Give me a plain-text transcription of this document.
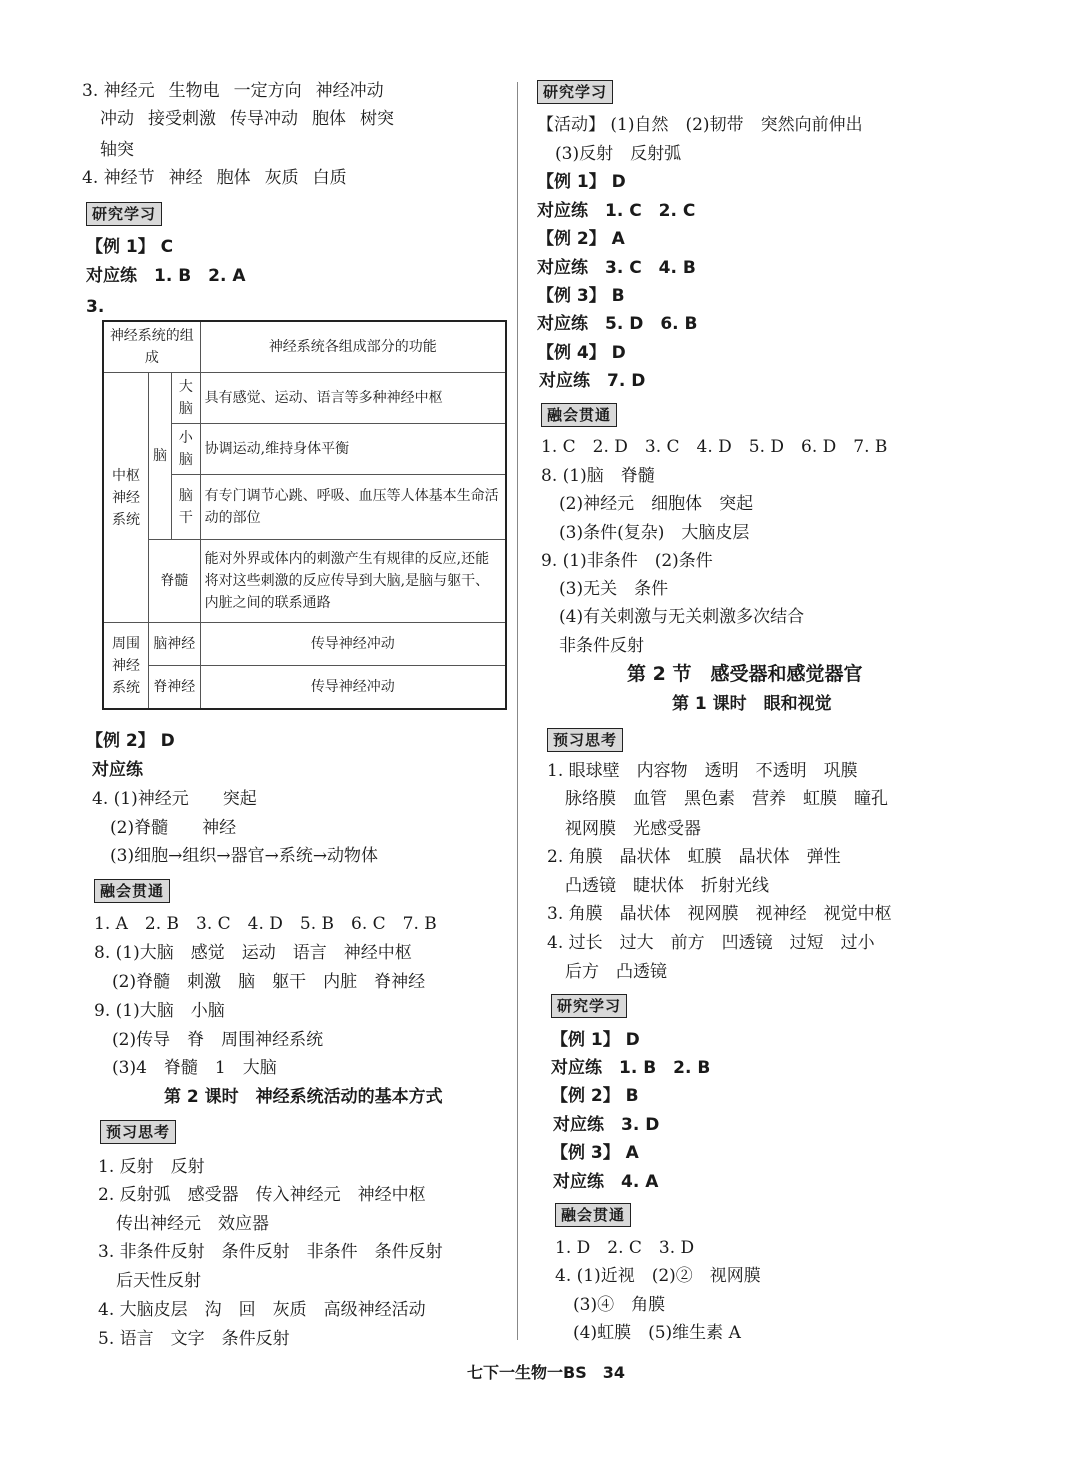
3. 神经元 生物电 一定方向 神经冲动
冲动 接受刺激 传导冲动 胞体 树突
轴突
4. 神经节 神经 胞体 灰质 白质
研究学习
【例 1】 C
对应练　1. B　2. A
3.
神经系统的组成			神经系统各组成部分的功能
中枢神经系统	脑	大脑	具有感觉、运动、语言等多种神经中枢
		小脑	协调运动,维持身体平衡
		脑干	有专门调节心跳、呼吸、血压等人体基本生命活动的部位
	脊髓		能对外界或体内的刺激产生有规律的反应,还能将对这些刺激的反应传导到大脑,是脑与躯干、内脏之间的联系通路
周围神经系统	脑神经		传导神经冲动
	脊神经		传导神经冲动
【例 2】 D
对应练
4. (1)神经元　　突起
(2)脊髓　　神经
(3)细胞→组织→器官→系统→动物体
融会贯通
1. A　2. B　3. C　4. D　5. B　6. C　7. B
8. (1)大脑　感觉　运动　语言　神经中枢
(2)脊髓　刺激　脑　躯干　内脏　脊神经
9. (1)大脑　小脑
(2)传导　脊　周围神经系统
(3)4　脊髓　1　大脑
第 2 课时　神经系统活动的基本方式
预习思考
1. 反射　反射
2. 反射弧　感受器　传入神经元　神经中枢
传出神经元　效应器
3. 非条件反射　条件反射　非条件　条件反射
后天性反射
4. 大脑皮层　沟　回　灰质　高级神经活动
5. 语言　文字　条件反射
研究学习
【活动】 (1)自然　(2)韧带　突然向前伸出
(3)反射　反射弧
【例 1】 D
对应练　1. C　2. C
【例 2】 A
对应练　3. C　4. B
【例 3】 B
对应练　5. D　6. B
【例 4】 D
对应练　7. D
融会贯通
1. C　2. D　3. C　4. D　5. D　6. D　7. B
8. (1)脑　脊髓
(2)神经元　细胞体　突起
(3)条件(复杂)　大脑皮层
9. (1)非条件　(2)条件
(3)无关　条件
(4)有关刺激与无关刺激多次结合
非条件反射
第 2 节　感受器和感觉器官
第 1 课时　眼和视觉
预习思考
1. 眼球壁　内容物　透明　不透明　巩膜
脉络膜　血管　黑色素　营养　虹膜　瞳孔
视网膜　光感受器
2. 角膜　晶状体　虹膜　晶状体　弹性
凸透镜　睫状体　折射光线
3. 角膜　晶状体　视网膜　视神经　视觉中枢
4. 过长　过大　前方　凹透镜　过短　过小
后方　凸透镜
研究学习
【例 1】 D
对应练　1. B　2. B
【例 2】 B
对应练　3. D
【例 3】 A
对应练　4. A
融会贯通
1. D　2. C　3. D
4. (1)近视　(2)②　视网膜
(3)④　角膜
(4)虹膜　(5)维生素 A
七下一生物一BS　34
